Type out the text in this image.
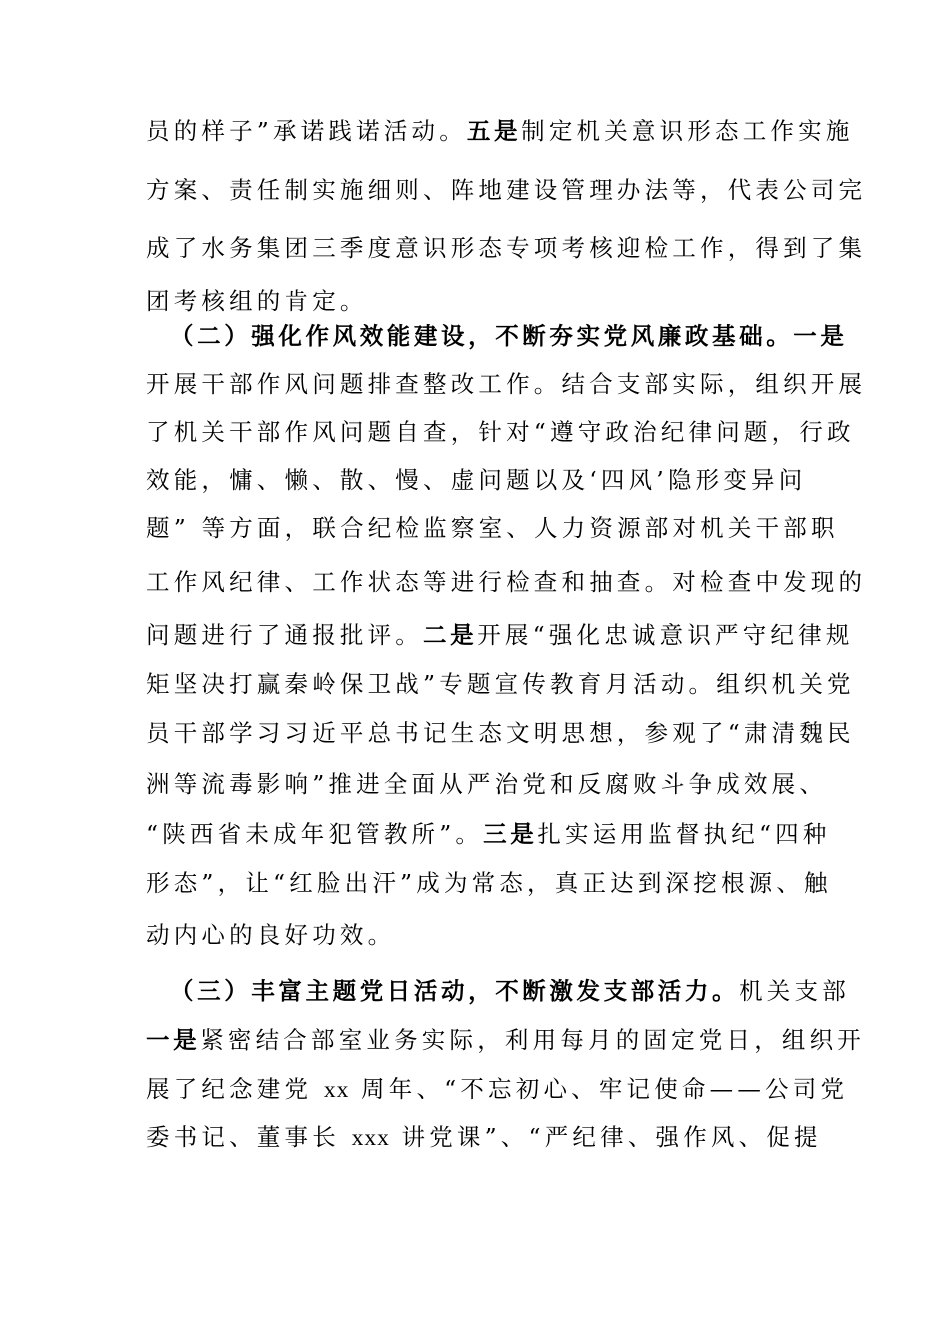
员的样子”承诺践诺活动。五是制定机关意识形态工作实施
方案、责任制实施细则、阵地建设管理办法等，代表公司完
成了水务集团三季度意识形态专项考核迎检工作，得到了集
团考核组的肯定。
（二）强化作风效能建设，不断夯实党风廉政基础。一是
开展干部作风问题排查整改工作。结合支部实际，组织开展
了机关干部作风问题自查，针对“遵守政治纪律问题，行政
效能，慵、懒、散、慢、虚问题以及‘四风’隐形变异问
题” 等方面，联合纪检监察室、人力资源部对机关干部职
工作风纪律、工作状态等进行检查和抽查。对检查中发现的
问题进行了通报批评。二是开展“强化忠诚意识严守纪律规
矩坚决打赢秦岭保卫战”专题宣传教育月活动。组织机关党
员干部学习习近平总书记生态文明思想，参观了“肃清魏民
洲等流毒影响”推进全面从严治党和反腐败斗争成效展、
“陕西省未成年犯管教所”。三是扎实运用监督执纪“四种
形态”，让“红脸出汗”成为常态，真正达到深挖根源、触
动内心的良好功效。
（三）丰富主题党日活动，不断激发支部活力。机关支部
一是紧密结合部室业务实际，利用每月的固定党日，组织开
展了纪念建党 xx 周年、“不忘初心、牢记使命——公司党
委书记、董事长 xxx 讲党课”、“严纪律、强作风、促提
